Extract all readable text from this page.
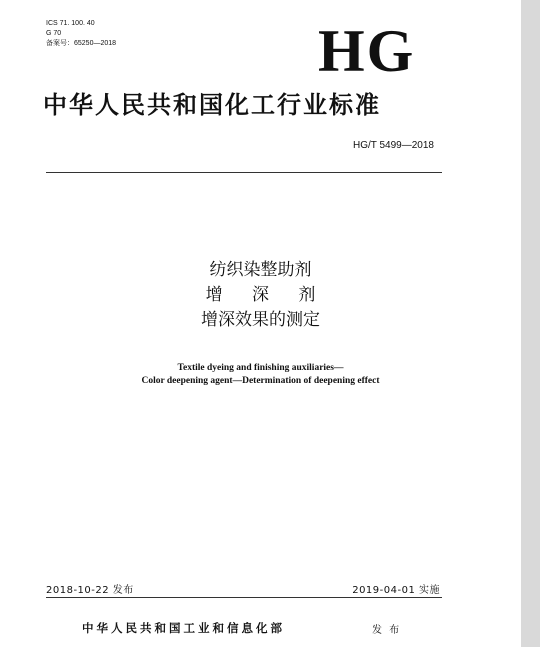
ICS 71. 100. 40
G 70
备案号：65250—2018	HG
中华人民共和国化工行业标准
HG/T 5499—2018
纺织染整助剂
增 深 剂
增深效果的测定
Textile dyeing and finishing auxiliaries—
Color deepening agent—Determination of deepening effect
2018-10-22 发布	2019-04-01 实施
中华人民共和国工业和信息化部	发 布
